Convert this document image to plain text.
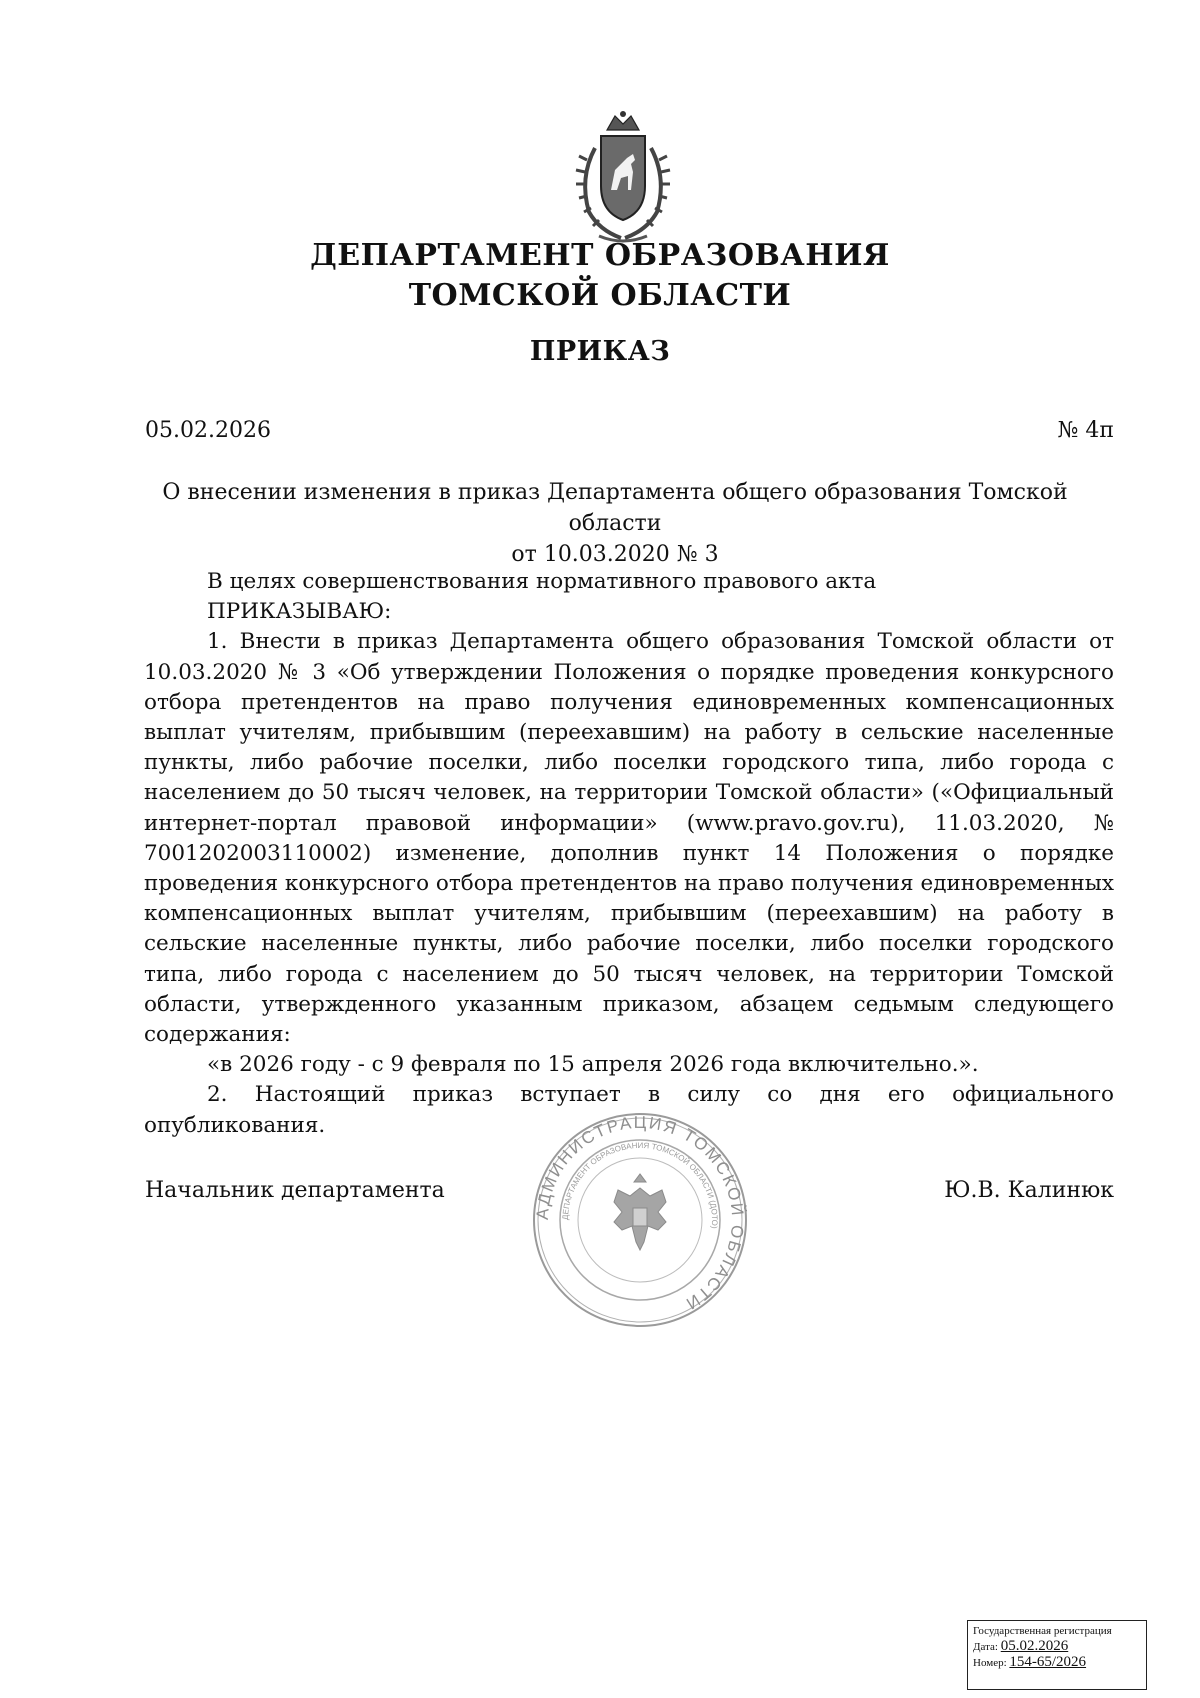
ДЕПАРТАМЕНТ ОБРАЗОВАНИЯ
ТОМСКОЙ ОБЛАСТИ
ПРИКАЗ
05.02.2026	№ 4п
О внесении изменения в приказ Департамента общего образования Томской области
от 10.03.2020 № 3

В целях совершенствования нормативного правового акта

ПРИКАЗЫВАЮ:

1. Внести в приказ Департамента общего образования Томской области от 10.03.2020 № 3 «Об утверждении Положения о порядке проведения конкурсного отбора претендентов на право получения единовременных компенсационных выплат учителям, прибывшим (переехавшим) на работу в сельские населенные пункты, либо рабочие поселки, либо поселки городского типа, либо города с населением до 50 тысяч человек, на территории Томской области» («Официальный интернет-портал правовой информации» (www.pravo.gov.ru), 11.03.2020, № 7001202003110002) изменение, дополнив пункт 14 Положения о порядке проведения конкурсного отбора претендентов на право получения единовременных компенсационных выплат учителям, прибывшим (переехавшим) на работу в сельские населенные пункты, либо рабочие поселки, либо поселки городского типа, либо города с населением до 50 тысяч человек, на территории Томской области, утвержденного указанным приказом, абзацем седьмым следующего содержания:

«в 2026 году - с 9 февраля по 15 апреля 2026 года включительно.».

2. Настоящий приказ вступает в силу со дня его официального опубликования.

Начальник департамента
АДМИНИСТРАЦИЯ ТОМСКОЙ ОБЛАСТИ
ДЕПАРТАМЕНТ ОБРАЗОВАНИЯ ТОМСКОЙ ОБЛАСТИ (ДОТО)
Ю.В. Калинюк
Государственная регистрация
Дата: 05.02.2026
Номер: 154-65/2026
